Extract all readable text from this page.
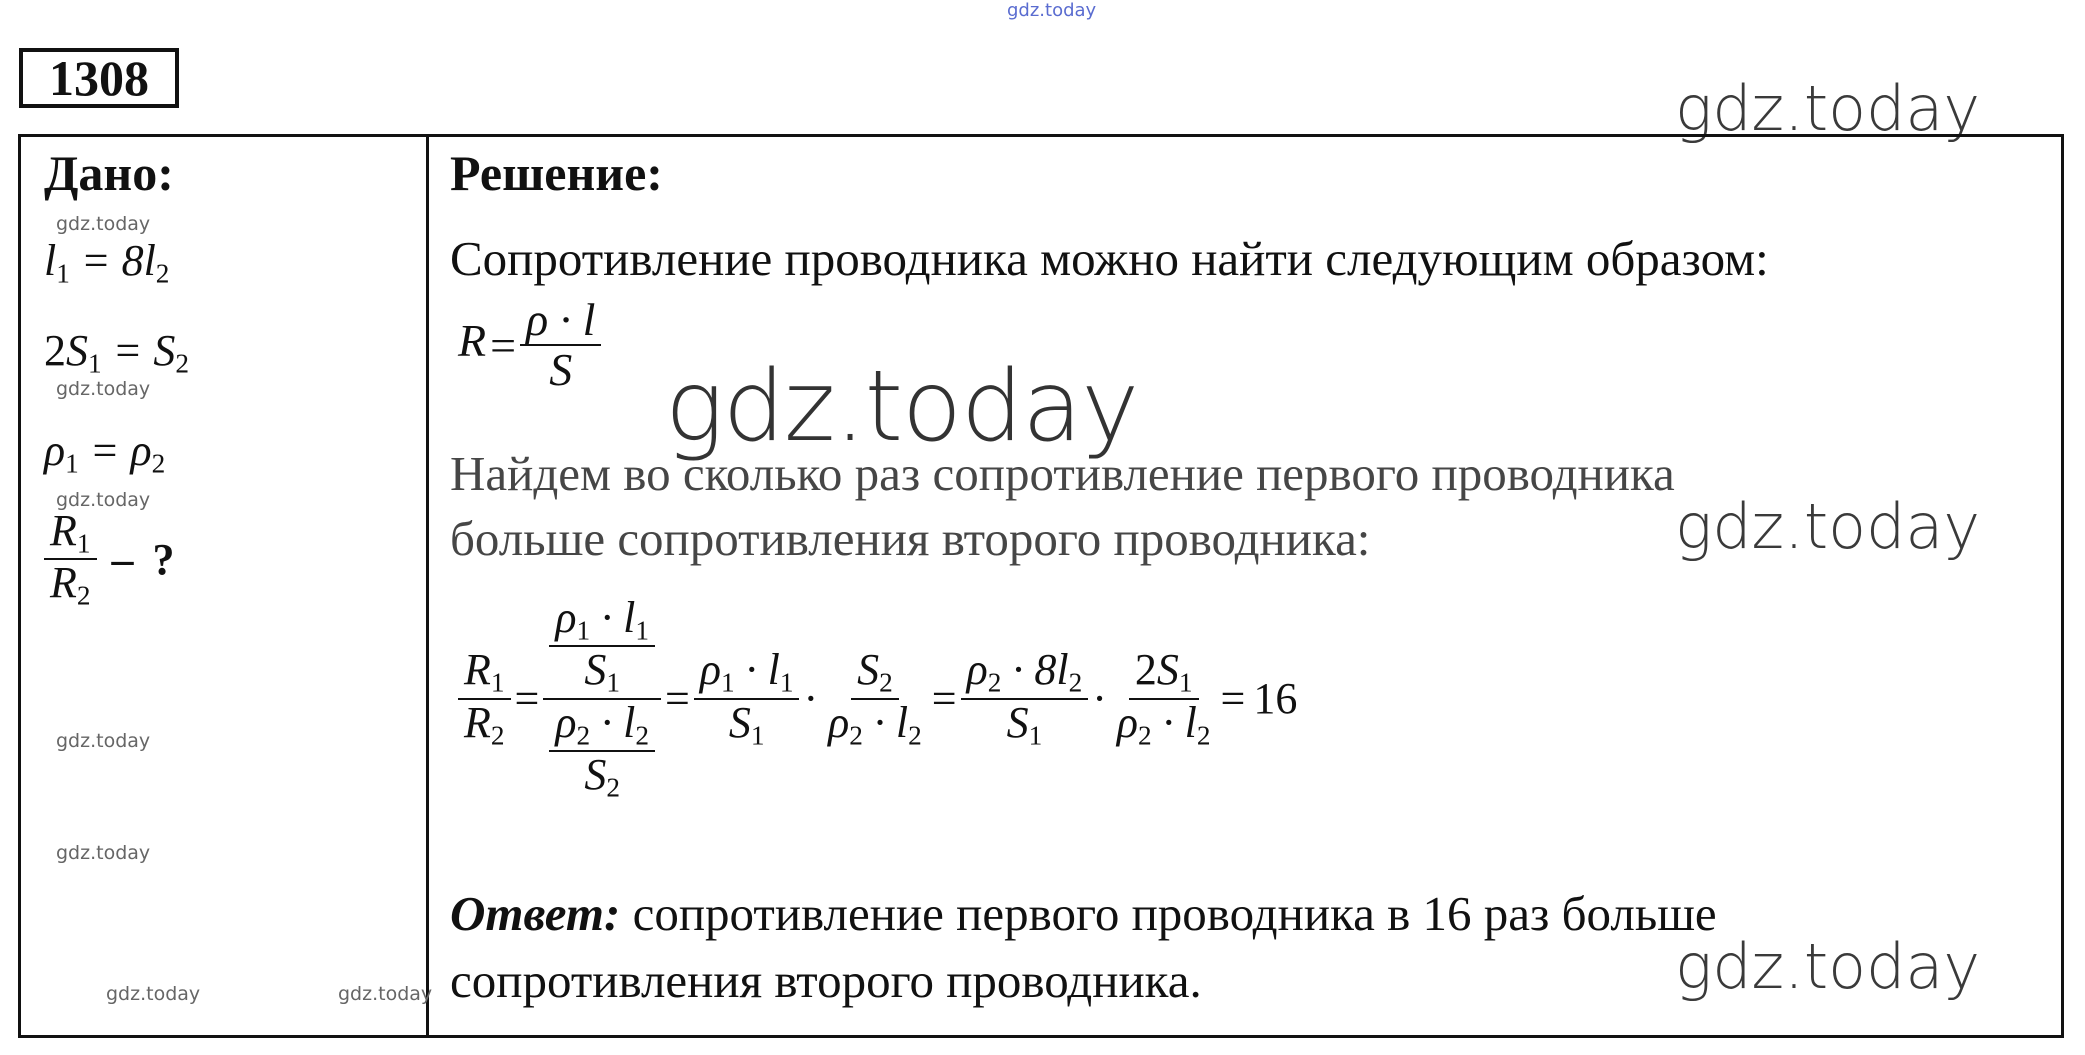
gdz.today
gdz.today
gdz.today
gdz.today
gdz.today
1308
Дано:
gdz.today
$l_1 = 8l_2$
$2S_1 = S_2$
gdz.today
$\rho_1 = \rho_2$
gdz.today
$\frac{R_1}{R_2}$ – ?
gdz.today
gdz.today
gdz.today	gdz.today
Решение:
Сопротивление проводника можно найти следующим образом:
$R= \frac{\rho \cdot l}{S}$
Найдем во сколько раз сопротивление первого проводника
больше сопротивления второго проводника:
$\frac{R_1}{R_2} = \frac{\frac{\rho_1 \cdot l_1}{S_1}}{\frac{\rho_2 \cdot l_2}{S_2}} = \frac{\rho_1 \cdot l_1}{S_1} \cdot \frac{S_2}{\rho_2 \cdot l_2} = \frac{\rho_2 \cdot 8l_2}{S_1} \cdot \frac{2S_1}{\rho_2 \cdot l_2} = 16$
Ответ: сопротивление первого проводника в 16 раз больше
сопротивления второго проводника.
